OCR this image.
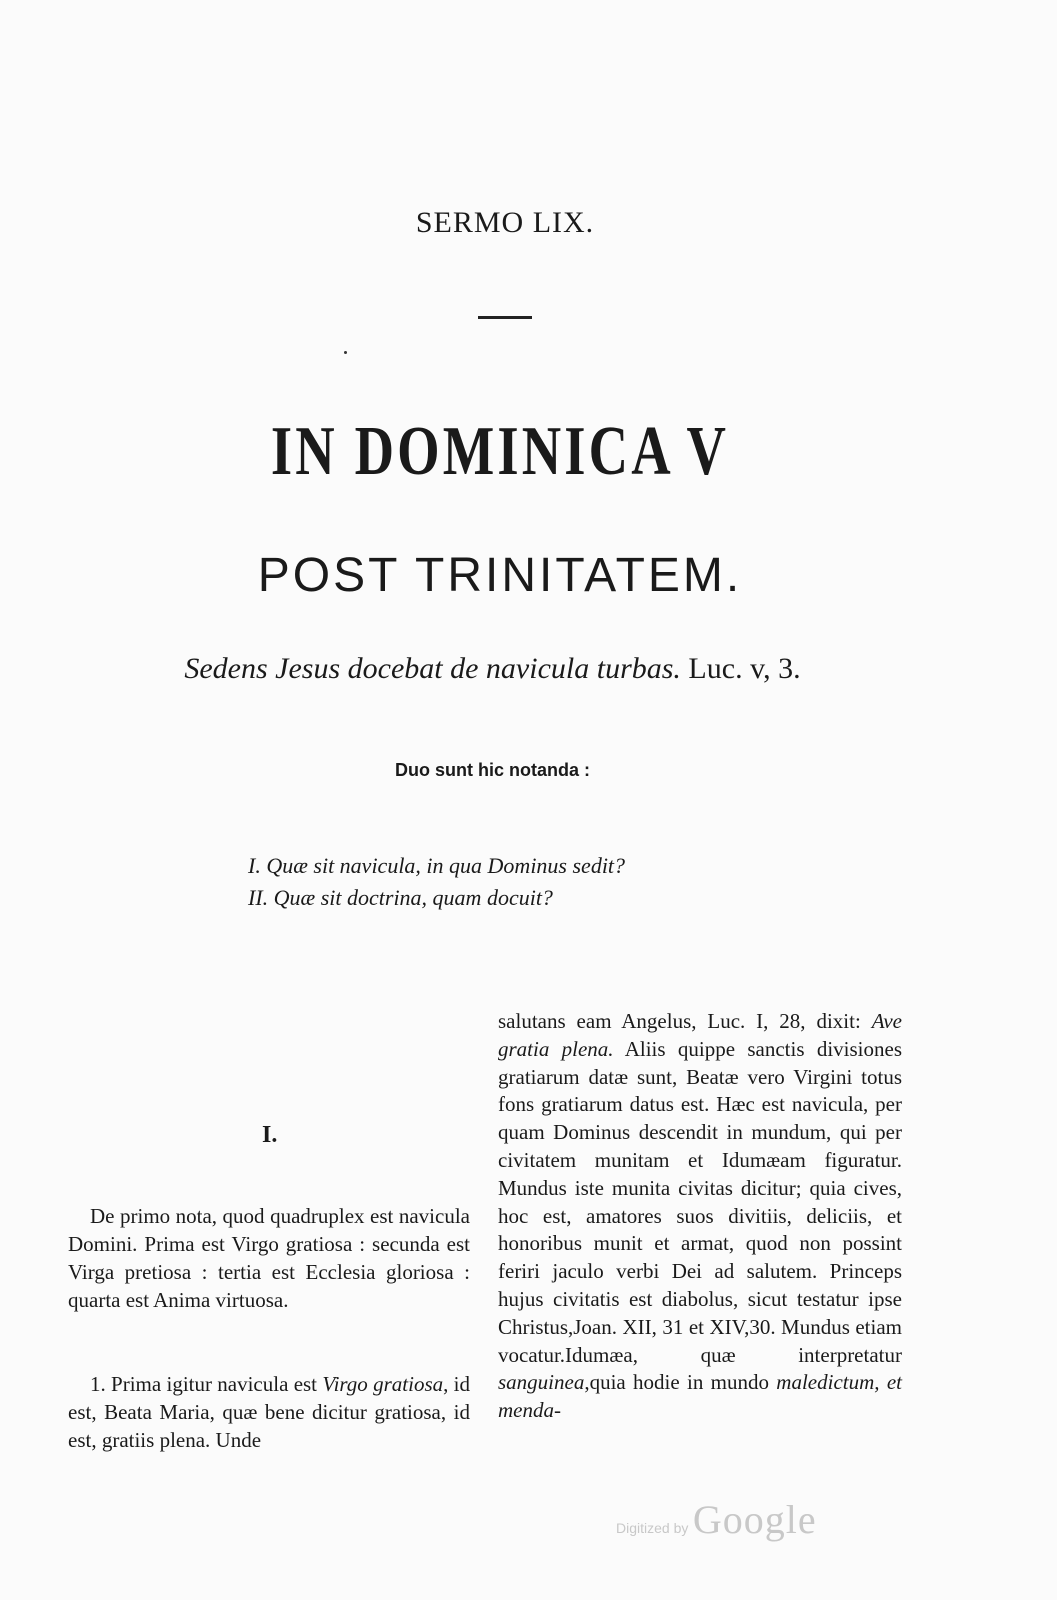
SERMO LIX.
IN DOMINICA V
POST TRINITATEM.
Sedens Jesus docebat de navicula turbas. Luc. v, 3.
Duo sunt hic notanda :
I. Quæ sit navicula, in qua Dominus sedit?
II. Quæ sit doctrina, quam docuit?
I.

De primo nota, quod quadruplex est navicula Domini. Prima est Virgo gratiosa : secunda est Virga pretiosa : tertia est Ecclesia gloriosa : quarta est Anima virtuosa.

1. Prima igitur navicula est Virgo gratiosa, id est, Beata Maria, quæ bene dicitur gratiosa, id est, gratiis plena. Unde

salutans eam Angelus, Luc. I, 28, dixit: Ave gratia plena. Aliis quippe sanctis divisiones gratiarum datæ sunt, Beatæ vero Virgini totus fons gratiarum datus est. Hæc est navicula, per quam Dominus descendit in mundum, qui per civitatem munitam et Idumæam figuratur. Mundus iste munita civitas dicitur; quia cives, hoc est, amatores suos divitiis, deliciis, et honoribus munit et armat, quod non possint feriri jaculo verbi Dei ad salutem. Princeps hujus civitatis est diabolus, sicut testatur ipse Christus,Joan. XII, 31 et XIV,30. Mundus etiam vocatur.Idumæa, quæ interpretatur sanguinea,quia hodie in mundo maledictum, et menda-
Digitized by Google
